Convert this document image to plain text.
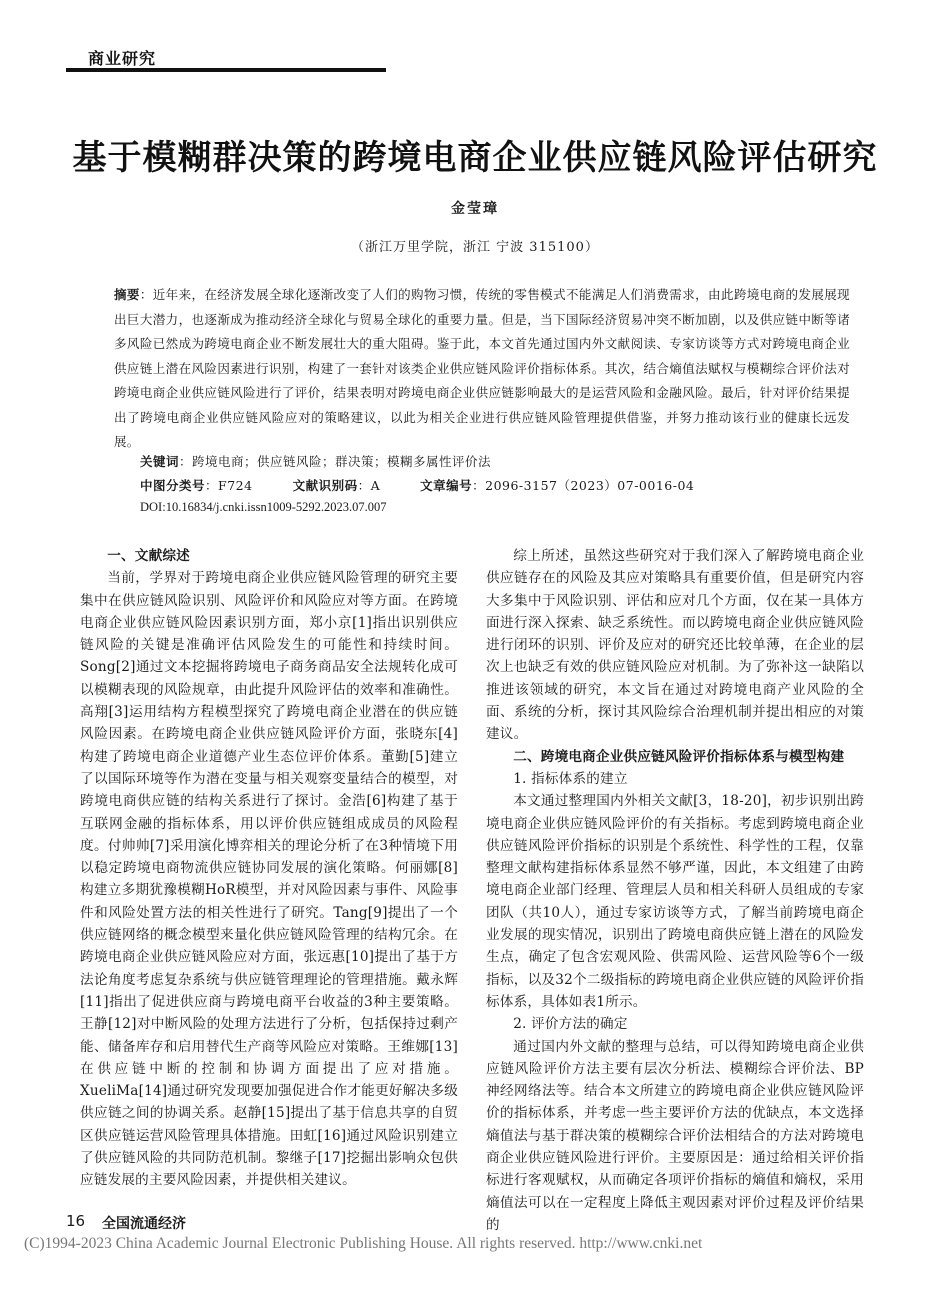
商业研究
基于模糊群决策的跨境电商企业供应链风险评估研究
金莹璋
（浙江万里学院，浙江 宁波 315100）
摘要：近年来，在经济发展全球化逐渐改变了人们的购物习惯，传统的零售模式不能满足人们消费需求，由此跨境电商的发展展现出巨大潜力，也逐渐成为推动经济全球化与贸易全球化的重要力量。但是，当下国际经济贸易冲突不断加剧，以及供应链中断等诸多风险已然成为跨境电商企业不断发展壮大的重大阻碍。鉴于此，本文首先通过国内外文献阅读、专家访谈等方式对跨境电商企业供应链上潜在风险因素进行识别，构建了一套针对该类企业供应链风险评价指标体系。其次，结合熵值法赋权与模糊综合评价法对跨境电商企业供应链风险进行了评价，结果表明对跨境电商企业供应链影响最大的是运营风险和金融风险。最后，针对评价结果提出了跨境电商企业供应链风险应对的策略建议，以此为相关企业进行供应链风险管理提供借鉴，并努力推动该行业的健康长远发展。
关键词：跨境电商；供应链风险；群决策；模糊多属性评价法
中图分类号：F724	文献识别码：A	文章编号：2096-3157（2023）07-0016-04
DOI:10.16834/j.cnki.issn1009-5292.2023.07.007
一、文献综述

当前，学界对于跨境电商企业供应链风险管理的研究主要集中在供应链风险识别、风险评价和风险应对等方面。在跨境电商企业供应链风险因素识别方面，郑小京[1]指出识别供应链风险的关键是准确评估风险发生的可能性和持续时间。Song[2]通过文本挖掘将跨境电子商务商品安全法规转化成可以模糊表现的风险规章，由此提升风险评估的效率和准确性。高翔[3]运用结构方程模型探究了跨境电商企业潜在的供应链风险因素。在跨境电商企业供应链风险评价方面，张晓东[4]构建了跨境电商企业道德产业生态位评价体系。董勤[5]建立了以国际环境等作为潜在变量与相关观察变量结合的模型，对跨境电商供应链的结构关系进行了探讨。金浩[6]构建了基于互联网金融的指标体系，用以评价供应链组成成员的风险程度。付帅帅[7]采用演化博弈相关的理论分析了在3种情境下用以稳定跨境电商物流供应链协同发展的演化策略。何丽娜[8]构建立多期犹豫模糊HoR模型，并对风险因素与事件、风险事件和风险处置方法的相关性进行了研究。Tang[9]提出了一个供应链网络的概念模型来量化供应链风险管理的结构冗余。在跨境电商企业供应链风险应对方面，张远惠[10]提出了基于方法论角度考虑复杂系统与供应链管理理论的管理措施。戴永辉[11]指出了促进供应商与跨境电商平台收益的3种主要策略。王静[12]对中断风险的处理方法进行了分析，包括保持过剩产能、储备库存和启用替代生产商等风险应对策略。王维娜[13]在供应链中断的控制和协调方面提出了应对措施。XueliMa[14]通过研究发现要加强促进合作才能更好解决多级供应链之间的协调关系。赵静[15]提出了基于信息共享的自贸区供应链运营风险管理具体措施。田虹[16]通过风险识别建立了供应链风险的共同防范机制。黎继子[17]挖掘出影响众包供应链发展的主要风险因素，并提供相关建议。

综上所述，虽然这些研究对于我们深入了解跨境电商企业供应链存在的风险及其应对策略具有重要价值，但是研究内容大多集中于风险识别、评估和应对几个方面，仅在某一具体方面进行深入探索、缺乏系统性。而以跨境电商企业供应链风险进行闭环的识别、评价及应对的研究还比较单薄，在企业的层次上也缺乏有效的供应链风险应对机制。为了弥补这一缺陷以推进该领域的研究，本文旨在通过对跨境电商产业风险的全面、系统的分析，探讨其风险综合治理机制并提出相应的对策建议。

二、跨境电商企业供应链风险评价指标体系与模型构建
1. 指标体系的建立

本文通过整理国内外相关文献[3，18-20]，初步识别出跨境电商企业供应链风险评价的有关指标。考虑到跨境电商企业供应链风险评价指标的识别是个系统性、科学性的工程，仅靠整理文献构建指标体系显然不够严谨，因此，本文组建了由跨境电商企业部门经理、管理层人员和相关科研人员组成的专家团队（共10人），通过专家访谈等方式，了解当前跨境电商企业发展的现实情况，识别出了跨境电商供应链上潜在的风险发生点，确定了包含宏观风险、供需风险、运营风险等6个一级指标，以及32个二级指标的跨境电商企业供应链的风险评价指标体系，具体如表1所示。

2. 评价方法的确定

通过国内外文献的整理与总结，可以得知跨境电商企业供应链风险评价方法主要有层次分析法、模糊综合评价法、BP神经网络法等。结合本文所建立的跨境电商企业供应链风险评价的指标体系，并考虑一些主要评价方法的优缺点，本文选择熵值法与基于群决策的模糊综合评价法相结合的方法对跨境电商企业供应链风险进行评价。主要原因是：通过给相关评价指标进行客观赋权，从而确定各项评价指标的熵值和熵权，采用熵值法可以在一定程度上降低主观因素对评价过程及评价结果的

16 全国流通经济
(C)1994-2023 China Academic Journal Electronic Publishing House. All rights reserved. http://www.cnki.net
